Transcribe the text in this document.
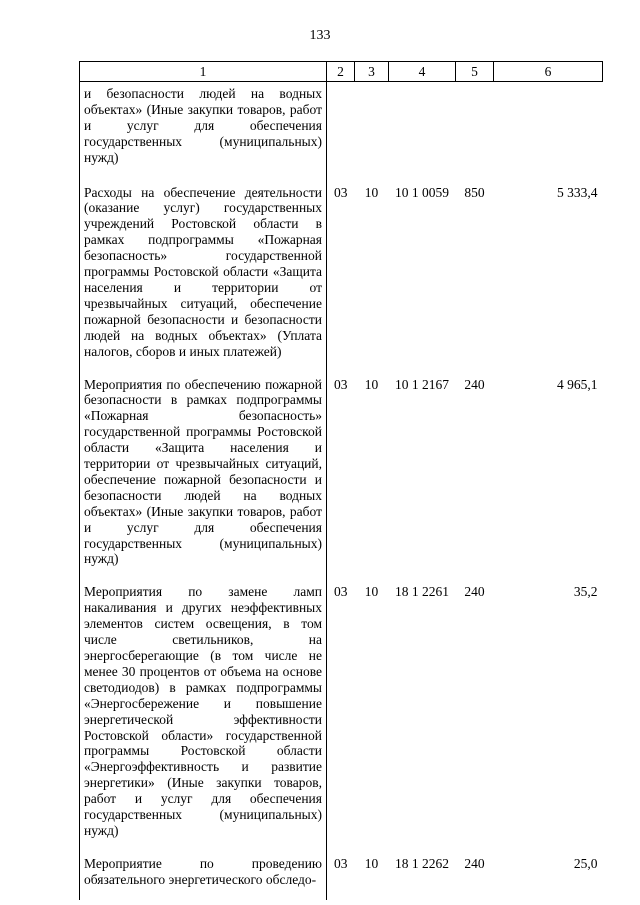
133
1	2	3	4	5	6
и безопасности людей на водных объектах» (Иные закупки товаров, работ и услуг для обеспечения государственных (муниципальных) нужд)					
Расходы на обеспечение деятельности (оказание услуг) государственных учреждений Ростовской области в рамках подпрограммы «Пожарная безопасность» государственной программы Ростовской области «Защита населения и территории от чрезвычайных ситуаций, обеспечение пожарной безопасности и безопасности людей на водных объектах» (Уплата налогов, сборов и иных платежей)	03	10	10 1 0059	850	5 333,4
Мероприятия по обеспечению пожарной безопасности в рамках подпрограммы «Пожарная безопасность» государственной программы Ростовской области «Защита населения и территории от чрезвычайных ситуаций, обеспечение пожарной безопасности и безопасности людей на водных объектах» (Иные закупки товаров, работ и услуг для обеспечения государственных (муниципальных) нужд)	03	10	10 1 2167	240	4 965,1
Мероприятия по замене ламп накаливания и других неэффективных элементов систем освещения, в том числе светильников, на энергосберегающие (в том числе не менее 30 процентов от объема на основе светодиодов) в рамках подпрограммы «Энергосбережение и повышение энергетической эффективности Ростовской области» государственной программы Ростовской области «Энергоэффективность и развитие энергетики» (Иные закупки товаров, работ и услуг для обеспечения государственных (муниципальных) нужд)	03	10	18 1 2261	240	35,2
Мероприятие по проведению обязательного энергетического обследо-	03	10	18 1 2262	240	25,0
